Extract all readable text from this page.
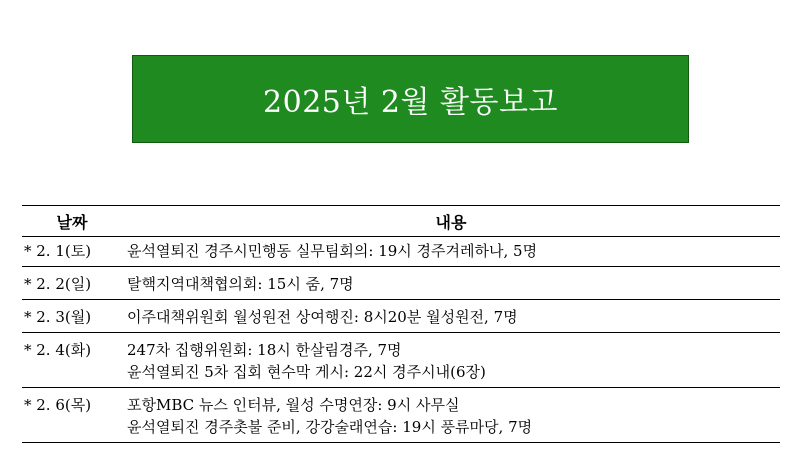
2025년 2월 활동보고
날짜	내용
* 2. 1(토)	윤석열퇴진 경주시민행동 실무팀회의: 19시 경주겨레하나, 5명
* 2. 2(일)	탈핵지역대책협의회: 15시 줌, 7명
* 2. 3(월)	이주대책위원회 월성원전 상여행진: 8시20분 월성원전, 7명
* 2. 4(화)	247차 집행위원회: 18시 한살림경주, 7명
윤석열퇴진 5차 집회 현수막 게시: 22시 경주시내(6장)
* 2. 6(목)	포항MBC 뉴스 인터뷰, 월성 수명연장: 9시 사무실
윤석열퇴진 경주촛불 준비, 강강술래연습: 19시 풍류마당, 7명
